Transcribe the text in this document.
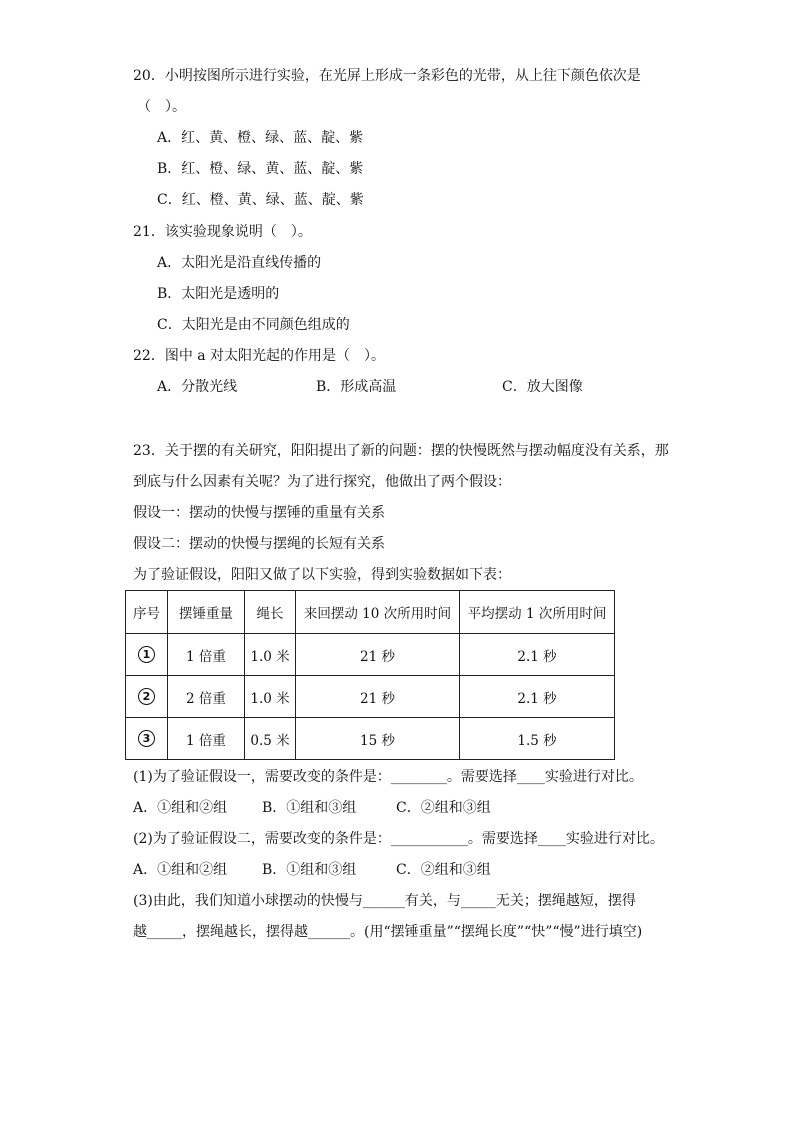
20．小明按图所示进行实验，在光屏上形成一条彩色的光带，从上往下颜色依次是
（　）。
A．红、黄、橙、绿、蓝、靛、紫
B．红、橙、绿、黄、蓝、靛、紫
C．红、橙、黄、绿、蓝、靛、紫
21．该实验现象说明（　）。
A．太阳光是沿直线传播的
B．太阳光是透明的
C．太阳光是由不同颜色组成的
22．图中 a 对太阳光起的作用是（　）。
A．分散光线	B．形成高温	C．放大图像
23．关于摆的有关研究，阳阳提出了新的问题：摆的快慢既然与摆动幅度没有关系，那
到底与什么因素有关呢？为了进行探究，他做出了两个假设：
假设一：摆动的快慢与摆锤的重量有关系
假设二：摆动的快慢与摆绳的长短有关系
为了验证假设，阳阳又做了以下实验，得到实验数据如下表：
序号	摆锤重量	绳长	来回摆动 10 次所用时间	平均摆动 1 次所用时间
1	1 倍重	1.0 米	21 秒	2.1 秒
2	2 倍重	1.0 米	21 秒	2.1 秒
3	1 倍重	0.5 米	15 秒	1.5 秒
(1)为了验证假设一，需要改变的条件是：________。需要选择____实验进行对比。
A．①组和②组 B．①组和③组	C．②组和③组
(2)为了验证假设二，需要改变的条件是：___________。需要选择____实验进行对比。
A．①组和②组 B．①组和③组	C．②组和③组
(3)由此，我们知道小球摆动的快慢与______有关，与_____无关；摆绳越短，摆得
越_____，摆绳越长，摆得越______。(用“摆锤重量”“摆绳长度”“快”“慢”进行填空)
